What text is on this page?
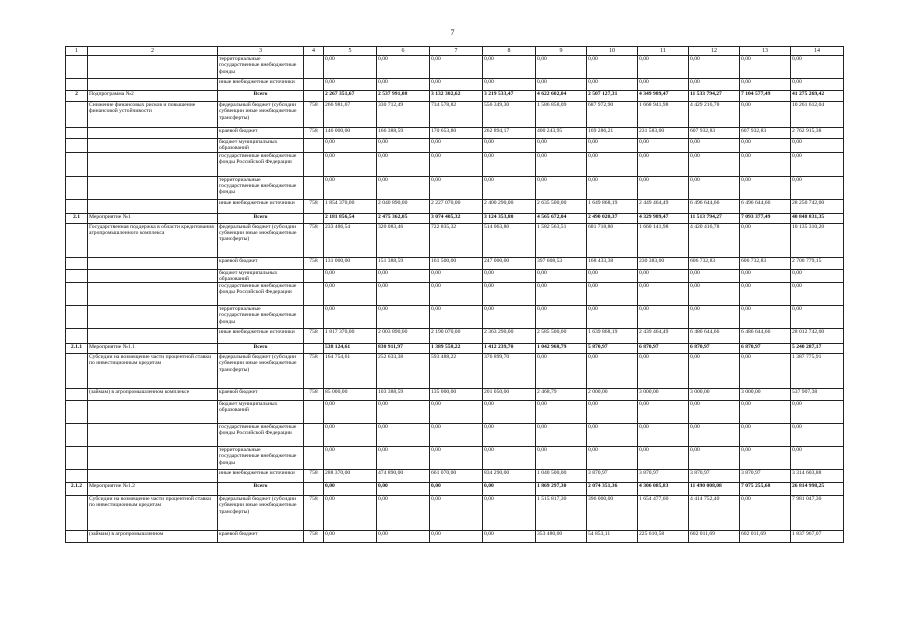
7
1	2	3	4	5	6	7	8	9	10	11	12	13	14
		территориальные государственные внебюджетные фонды		0,00	0,00	0,00	0,00	0,00	0,00	0,00	0,00	0,00	0,00
		иные внебюджетные источники		0,00	0,00	0,00	0,00	0,00	0,00	0,00	0,00	0,00	0,00
2	Подпрограмма №2	Всего		2 267 351,67	2 537 991,08	3 132 302,62	3 219 533,47	4 622 602,04	2 507 127,31	4 349 989,47	11 533 794,27	7 104 577,49	41 275 269,42
	Снижение финансовых рисков и повышение финансовой устойчивости	федеральный бюджет (субсидии субвенции иные межбюджетные трансферты)	758	266 981,67	330 712,49	734 578,82	556 349,30	1 586 858,09	687 972,90	1 668 941,98	4 429 216,78	0,00	10 261 612,04
		краевой бюджет	758	146 000,00	166 388,59	170 653,80	262 894,17	400 243,95	169 286,21	231 583,00	607 932,83	607 932,83	2 762 915,38
		бюджет муниципальных образований		0,00	0,00	0,00	0,00	0,00	0,00	0,00	0,00	0,00	0,00
		государственные внебюджетные фонды Российской Федерации		0,00	0,00	0,00	0,00	0,00	0,00	0,00	0,00	0,00	0,00
		территориальные государственные внебюджетные фонды		0,00	0,00	0,00	0,00	0,00	0,00	0,00	0,00	0,00	0,00
		иные внебюджетные источники	758	1 854 370,00	2 040 890,00	2 227 070,00	2 400 290,00	2 635 500,00	1 649 868,19	2 449 464,49	6 496 644,66	6 496 644,66	28 250 742,00
2.1	Мероприятие №1	Всего		2 181 856,54	2 475 362,05	3 074 405,32	3 124 353,80	4 565 672,04	2 490 020,37	4 329 989,47	11 513 794,27	7 093 377,49	40 848 831,35
	Государственная поддержка в области кредитования агропромышленного комплекса	федеральный бюджет (субсидии субвенции иные межбюджетные трансферты)	758	233 486,54	320 083,46	722 835,32	514 063,80	1 582 563,51	681 718,80	1 660 141,98	4 420 416,78	0,00	10 135 310,20
		краевой бюджет	758	131 000,00	151 388,59	161 500,00	247 000,00	397 608,53	168 433,38	230 383,00	606 732,83	606 732,83	2 700 779,15
		бюджет муниципальных образований		0,00	0,00	0,00	0,00	0,00	0,00	0,00	0,00	0,00	0,00
		государственные внебюджетные фонды Российской Федерации		0,00	0,00	0,00	0,00	0,00	0,00	0,00	0,00	0,00	0,00
		территориальные государственные внебюджетные фонды		0,00	0,00	0,00	0,00	0,00	0,00	0,00	0,00	0,00	0,00
		иные внебюджетные источники	758	1 817 370,00	2 003 890,00	2 190 070,00	2 363 290,00	2 585 500,00	1 639 868,19	2 439 464,49	6 486 644,66	6 486 644,66	28 012 742,00
2.1.1	Мероприятие №1.1	Всего		538 124,61	830 911,97	1 389 558,22	1 412 239,70	1 042 968,79	5 870,97	6 870,97	6 870,97	6 870,97	5 240 287,17
	Субсидии на возмещение части процентной ставки по инвестиционным кредитам	федеральный бюджет (субсидии субвенции иные межбюджетные трансферты)	758	164 754,61	252 633,38	593 488,22	376 899,70	0,00	0,00	0,00	0,00	0,00	1 387 775,91
	(займам) в агропромышленном комплексе	краевой бюджет	758	85 000,00	103 388,59	135 000,00	201 050,00	2 468,79	2 000,00	3 000,00	3 000,00	3 000,00	537 907,38
		бюджет муниципальных образований		0,00	0,00	0,00	0,00	0,00	0,00	0,00	0,00	0,00	0,00
		государственные внебюджетные фонды Российской Федерации		0,00	0,00	0,00	0,00	0,00	0,00	0,00	0,00	0,00	0,00
		территориальные государственные внебюджетные фонды		0,00	0,00	0,00	0,00	0,00	0,00	0,00	0,00	0,00	0,00
		иные внебюджетные источники	758	288 370,00	474 890,00	661 070,00	834 290,00	1 040 500,00	3 870,97	3 870,97	3 870,97	3 870,97	3 314 603,88
2.1.2	Мероприятие №1.2	Всего		0,00	0,00	0,00	0,00	1 869 297,30	2 074 351,36	4 306 085,83	11 490 008,08	7 075 255,68	26 814 998,25
	Субсидии на возмещение части процентной ставки по инвестиционным кредитам	федеральный бюджет (субсидии субвенции иные межбюджетные трансферты)	758	0,00	0,00	0,00	0,00	1 515 817,30	396 000,00	1 654 477,60	4 414 752,40	0,00	7 981 047,30
	(займам) в агропромышленном	краевой бюджет	758	0,00	0,00	0,00	0,00	353 480,00	54 853,11	225 610,58	602 011,69	602 011,69	1 837 967,07
